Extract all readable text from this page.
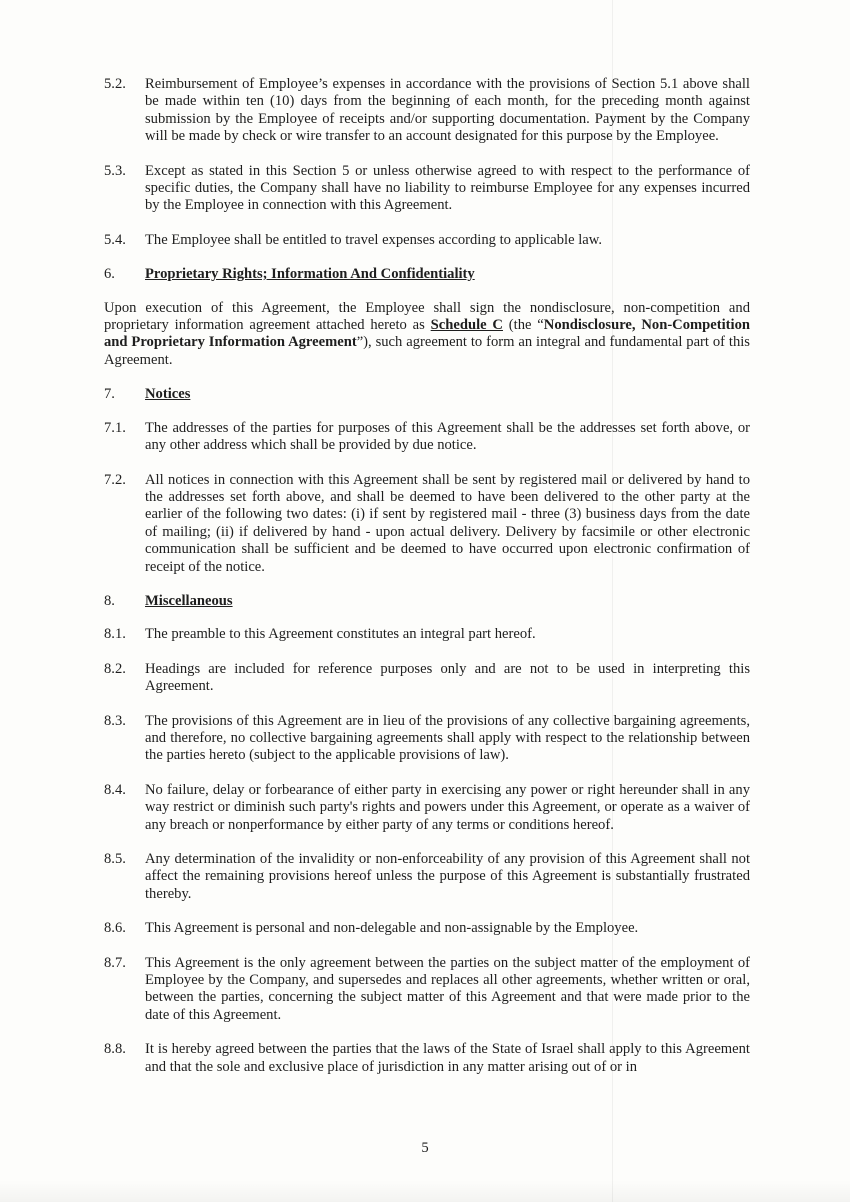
5.2.	Reimbursement of Employee’s expenses in accordance with the provisions of Section 5.1 above shall be made within ten (10) days from the beginning of each month, for the preceding month against submission by the Employee of receipts and/or supporting documentation. Payment by the Company will be made by check or wire transfer to an account designated for this purpose by the Employee.
5.3.	Except as stated in this Section 5 or unless otherwise agreed to with respect to the performance of specific duties, the Company shall have no liability to reimburse Employee for any expenses incurred by the Employee in connection with this Agreement.
5.4.	The Employee shall be entitled to travel expenses according to applicable law.
6.	Proprietary Rights; Information And Confidentiality
Upon execution of this Agreement, the Employee shall sign the nondisclosure, non-competition and proprietary information agreement attached hereto as Schedule C (the “Nondisclosure, Non-Competition and Proprietary Information Agreement”), such agreement to form an integral and fundamental part of this Agreement.
7.	Notices
7.1.	The addresses of the parties for purposes of this Agreement shall be the addresses set forth above, or any other address which shall be provided by due notice.
7.2.	All notices in connection with this Agreement shall be sent by registered mail or delivered by hand to the addresses set forth above, and shall be deemed to have been delivered to the other party at the earlier of the following two dates: (i) if sent by registered mail - three (3) business days from the date of mailing; (ii) if delivered by hand - upon actual delivery. Delivery by facsimile or other electronic communication shall be sufficient and be deemed to have occurred upon electronic confirmation of receipt of the notice.
8.	Miscellaneous
8.1.	The preamble to this Agreement constitutes an integral part hereof.
8.2.	Headings are included for reference purposes only and are not to be used in interpreting this Agreement.
8.3.	The provisions of this Agreement are in lieu of the provisions of any collective bargaining agreements, and therefore, no collective bargaining agreements shall apply with respect to the relationship between the parties hereto (subject to the applicable provisions of law).
8.4.	No failure, delay or forbearance of either party in exercising any power or right hereunder shall in any way restrict or diminish such party's rights and powers under this Agreement, or operate as a waiver of any breach or nonperformance by either party of any terms or conditions hereof.
8.5.	Any determination of the invalidity or non-enforceability of any provision of this Agreement shall not affect the remaining provisions hereof unless the purpose of this Agreement is substantially frustrated thereby.
8.6.	This Agreement is personal and non-delegable and non-assignable by the Employee.
8.7.	This Agreement is the only agreement between the parties on the subject matter of the employment of Employee by the Company, and supersedes and replaces all other agreements, whether written or oral, between the parties, concerning the subject matter of this Agreement and that were made prior to the date of this Agreement.
8.8.	It is hereby agreed between the parties that the laws of the State of Israel shall apply to this Agreement and that the sole and exclusive place of jurisdiction in any matter arising out of or in
5
